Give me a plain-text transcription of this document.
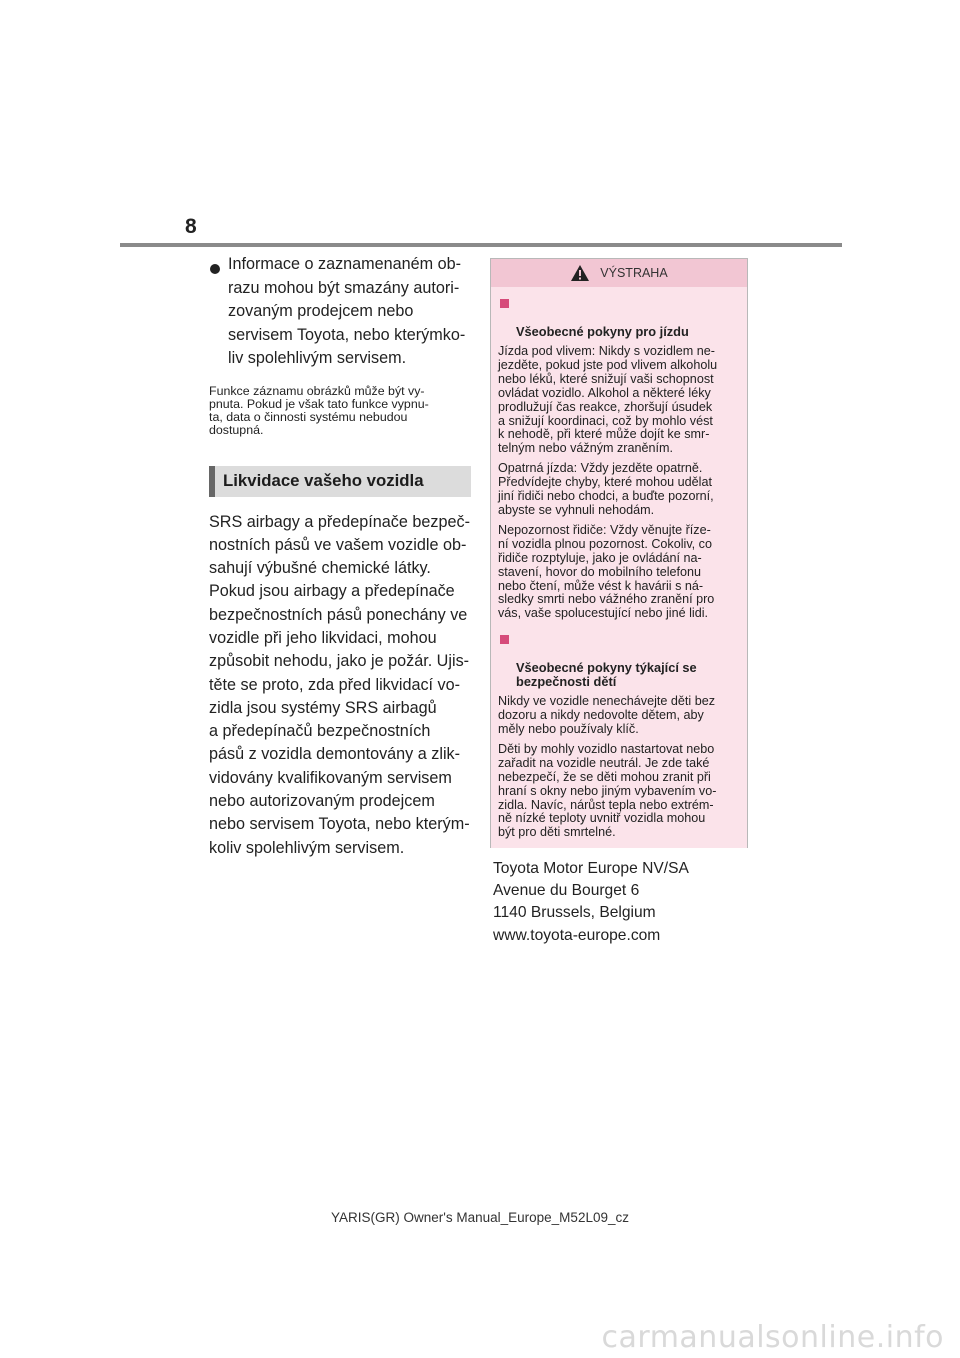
8
Informace o zaznamenaném ob-
razu mohou být smazány autori-
zovaným prodejcem nebo
servisem Toyota, nebo kterýmko-
liv spolehlivým servisem.
Funkce záznamu obrázků může být vy-
pnuta. Pokud je však tato funkce vypnu-
ta, data o činnosti systému nebudou
dostupná.
Likvidace vašeho vozidla
SRS airbagy a předepínače bezpeč-
nostních pásů ve vašem vozidle ob-
sahují výbušné chemické látky.
Pokud jsou airbagy a předepínače
bezpečnostních pásů ponechány ve
vozidle při jeho likvidaci, mohou
způsobit nehodu, jako je požár. Ujis-
těte se proto, zda před likvidací vo-
zidla jsou systémy SRS airbagů
a předepínačů bezpečnostních
pásů z vozidla demontovány a zlik-
vidovány kvalifikovaným servisem
nebo autorizovaným prodejcem
nebo servisem Toyota, nebo kterým-
koliv spolehlivým servisem.
VÝSTRAHA

Všeobecné pokyny pro jízdu

Jízda pod vlivem: Nikdy s vozidlem ne-
jezděte, pokud jste pod vlivem alkoholu
nebo léků, které snižují vaši schopnost
ovládat vozidlo. Alkohol a některé léky
prodlužují čas reakce, zhoršují úsudek
a snižují koordinaci, což by mohlo vést
k nehodě, při které může dojít ke smr-
telným nebo vážným zraněním.
Opatrná jízda: Vždy jezděte opatrně.
Předvídejte chyby, které mohou udělat
jiní řidiči nebo chodci, a buďte pozorní,
abyste se vyhnuli nehodám.
Nepozornost řidiče: Vždy věnujte říze-
ní vozidla plnou pozornost. Cokoliv, co
řidiče rozptyluje, jako je ovládání na-
stavení, hovor do mobilního telefonu
nebo čtení, může vést k havárii s ná-
sledky smrti nebo vážného zranění pro
vás, vaše spolucestující nebo jiné lidi.

Všeobecné pokyny týkající se
bezpečnosti dětí

Nikdy ve vozidle nenechávejte děti bez
dozoru a nikdy nedovolte dětem, aby
měly nebo používaly klíč.
Děti by mohly vozidlo nastartovat nebo
zařadit na vozidle neutrál. Je zde také
nebezpečí, že se děti mohou zranit při
hraní s okny nebo jiným vybavením vo-
zidla. Navíc, nárůst tepla nebo extrém-
ně nízké teploty uvnitř vozidla mohou
být pro děti smrtelné.
Toyota Motor Europe NV/SA
Avenue du Bourget 6
1140 Brussels, Belgium
www.toyota-europe.com
YARIS(GR) Owner's Manual_Europe_M52L09_cz
carmanualsonline.info
